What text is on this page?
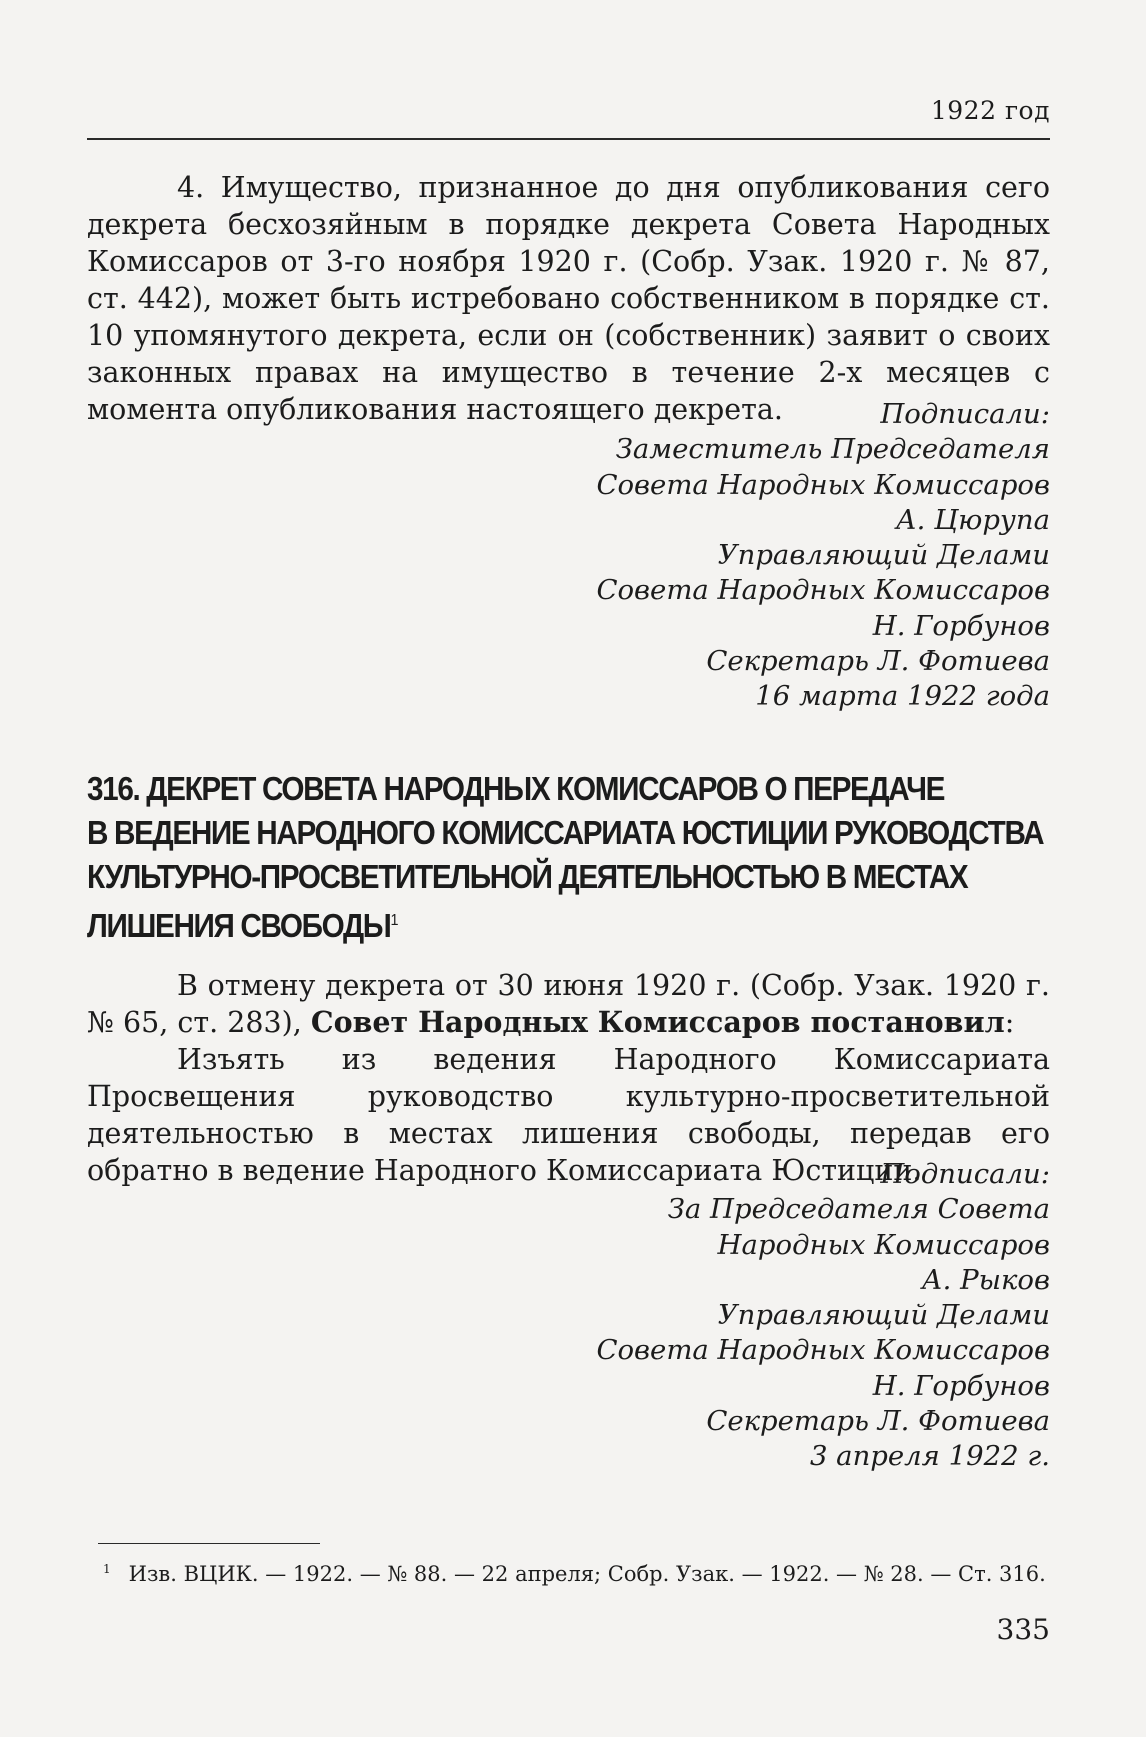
1922 год

4. Имущество, признанное до дня опубликования сего декрета бесхозяйным в порядке декрета Совета Народных Комиссаров от 3-го ноября 1920 г. (Собр. Узак. 1920 г. № 87, ст. 442), может быть истребовано собственником в порядке ст. 10 упомянутого декрета, если он (собственник) заявит о своих законных правах на имущество в течение 2-х месяцев с момента опубликования настоящего декрета.	Подписали:
Заместитель Председателя
Совета Народных Комиссаров
А. Цюрупа
Управляющий Делами
Совета Народных Комиссаров
Н. Горбунов
Секретарь Л. Фотиева
16 марта 1922 года
316. ДЕКРЕТ СОВЕТА НАРОДНЫХ КОМИССАРОВ О ПЕРЕДАЧЕ
В ВЕДЕНИЕ НАРОДНОГО КОМИССАРИАТА ЮСТИЦИИ РУКОВОДСТВА
КУЛЬТУРНО-ПРОСВЕТИТЕЛЬНОЙ ДЕЯТЕЛЬНОСТЬЮ В МЕСТАХ
ЛИШЕНИЯ СВОБОДЫ$^1$

В отмену декрета от 30 июня 1920 г. (Собр. Узак. 1920 г. № 65, ст. 283), Совет Народных Комиссаров постановил:

Изъять из ведения Народного Комиссариата Просвещения руководство культурно-просветительной деятельностью в местах лишения свободы, передав его обратно в ведение Народного Комиссариата Юстиции.

Подписали:
За Председателя Совета
Народных Комиссаров
А. Рыков
Управляющий Делами
Совета Народных Комиссаров
Н. Горбунов
Секретарь Л. Фотиева
3 апреля 1922 г.
$^1$ Изв. ВЦИК. — 1922. — № 88. — 22 апреля; Собр. Узак. — 1922. — № 28. — Ст. 316.
335
